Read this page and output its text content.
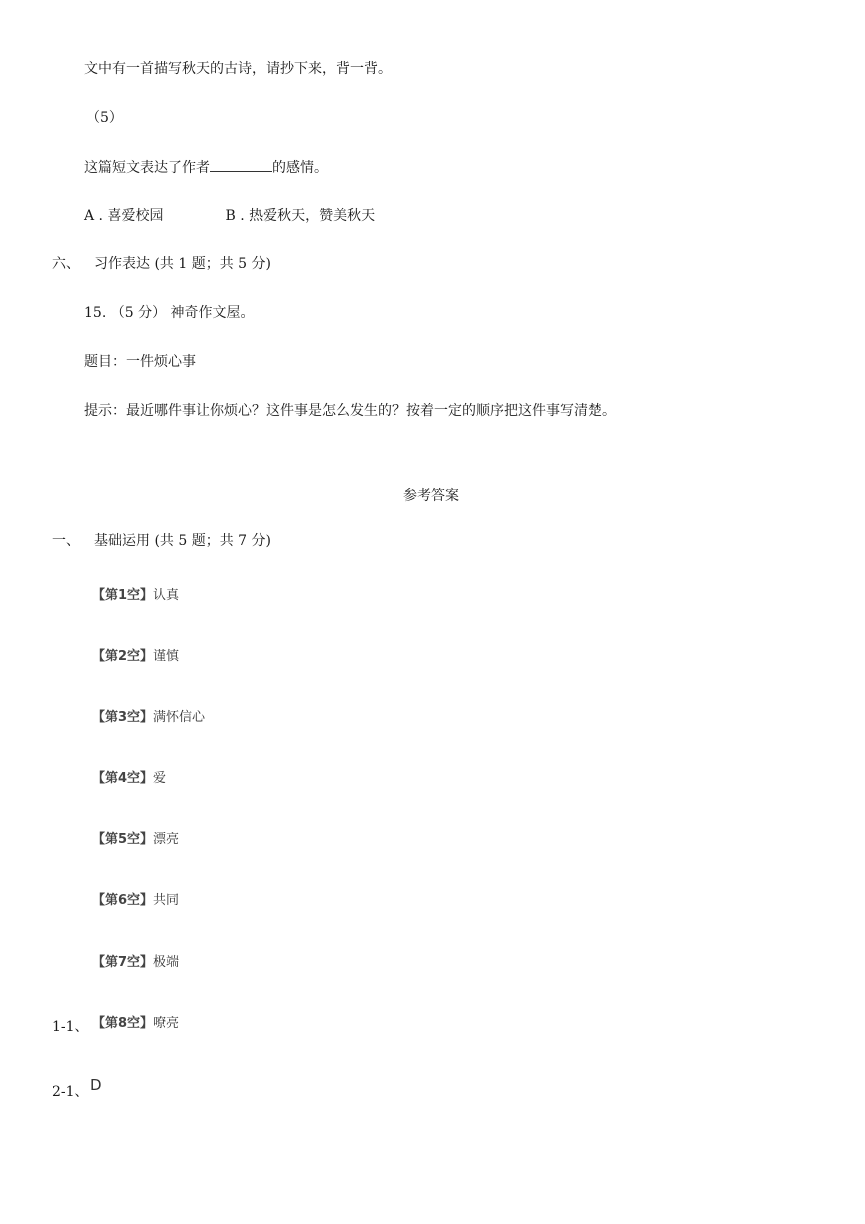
文中有一首描写秋天的古诗，请抄下来，背一背。
（5）
这篇短文表达了作者	的感情。
A . 喜爱校园	B . 热爱秋天，赞美秋天
六、 习作表达 (共 1 题；共 5 分)
15. （5 分） 神奇作文屋。
题目：一件烦心事
提示：最近哪件事让你烦心？这件事是怎么发生的？按着一定的顺序把这件事写清楚。
参考答案
一、 基础运用 (共 5 题；共 7 分)
【第1空】认真
【第2空】谨慎
【第3空】满怀信心
【第4空】爱
【第5空】漂亮
【第6空】共同
【第7空】极端
1-1、 【第8空】嘹亮
2-1、 D
